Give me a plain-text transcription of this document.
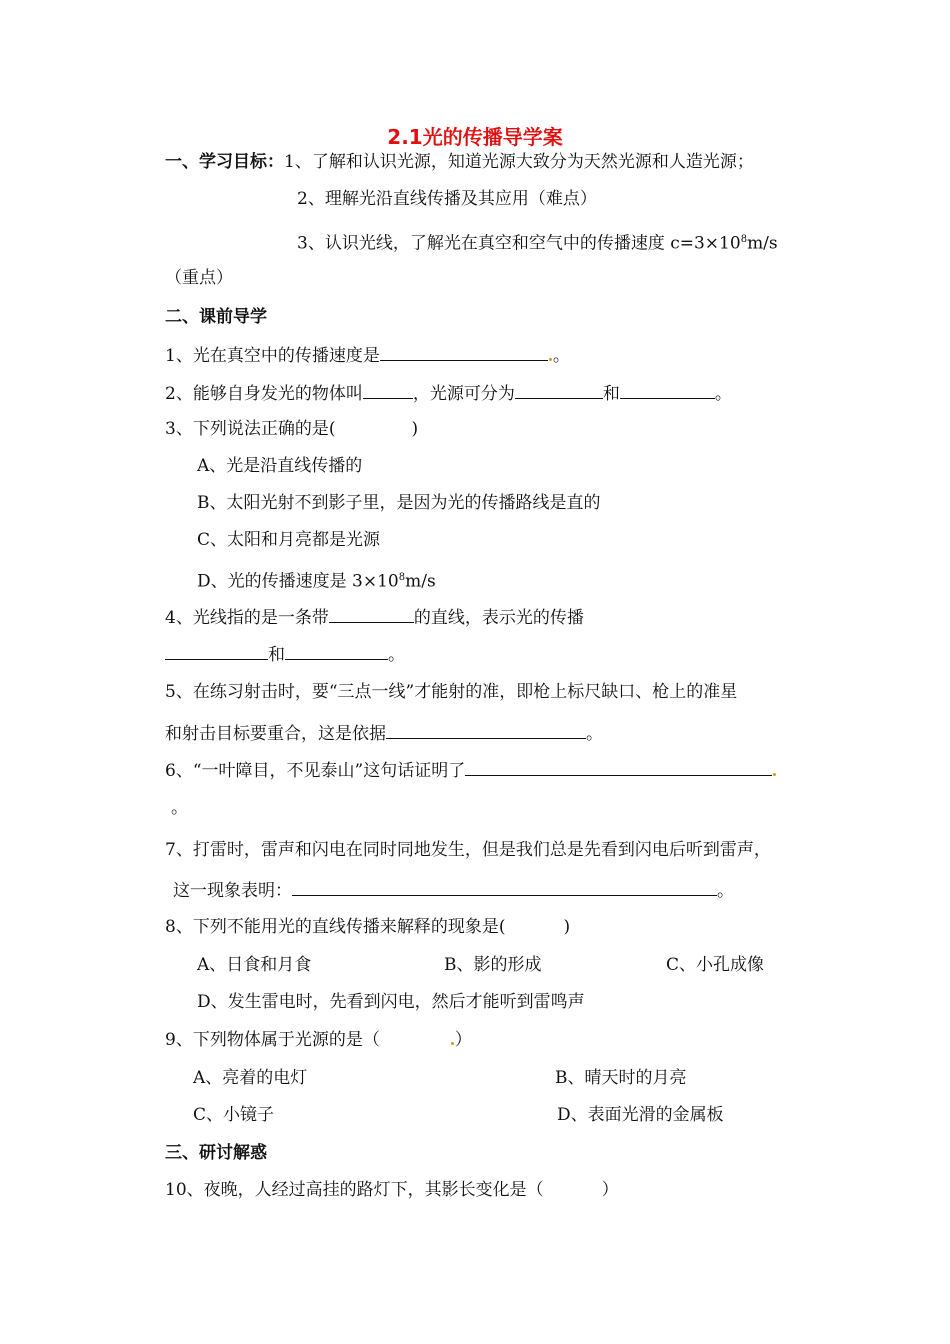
2.1光的传播导学案
一、学习目标：1、了解和认识光源，知道光源大致分为天然光源和人造光源；
2、理解光沿直线传播及其应用（难点）
3、认识光线，了解光在真空和空气中的传播速度 $c=3\times 10^8m/s$
（重点）
二、课前导学
1、光在真空中的传播速度是	。
2、能够自身发光的物体叫	，光源可分为	和	。
3、下列说法正确的是(	)
A、光是沿直线传播的
B、太阳光射不到影子里，是因为光的传播路线是直的
C、太阳和月亮都是光源
D、光的传播速度是 $3\times 10^8m/s$
4、光线指的是一条带	的直线，表示光的传播
和	。
5、在练习射击时，要“三点一线”才能射的准，即枪上标尺缺口、枪上的准星
和射击目标要重合，这是依据	。
6、“一叶障目，不见泰山”这句话证明了
。
7、打雷时，雷声和闪电在同时同地发生，但是我们总是先看到闪电后听到雷声，
这一现象表明：	。
8、下列不能用光的直线传播来解释的现象是(	)
A、日食和月食	B、影的形成	C、小孔成像
D、发生雷电时，先看到闪电，然后才能听到雷鸣声
9、下列物体属于光源的是（	）
A、亮着的电灯	B、晴天时的月亮
C、小镜子	D、表面光滑的金属板
三、研讨解惑
10、夜晚，人经过高挂的路灯下，其影长变化是（	）
